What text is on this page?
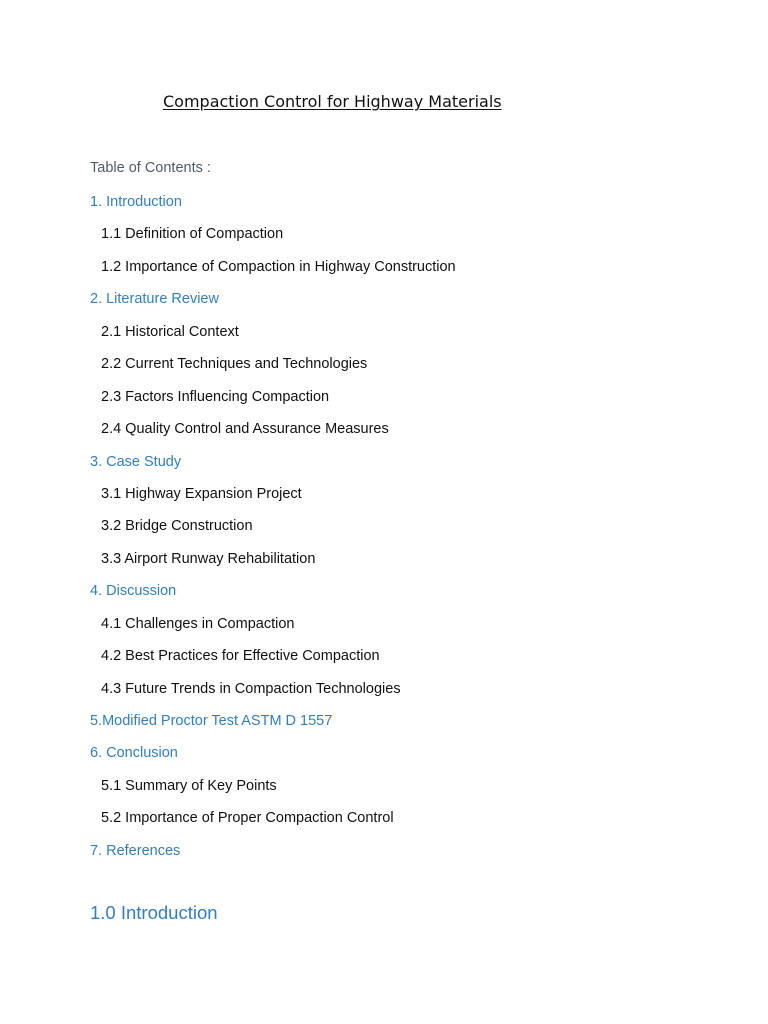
Compaction Control for Highway Materials
Table of Contents :
1. Introduction
1.1 Definition of Compaction
1.2 Importance of Compaction in Highway Construction
2. Literature Review
2.1 Historical Context
2.2 Current Techniques and Technologies
2.3 Factors Influencing Compaction
2.4 Quality Control and Assurance Measures
3. Case Study
3.1 Highway Expansion Project
3.2 Bridge Construction
3.3 Airport Runway Rehabilitation
4. Discussion
4.1 Challenges in Compaction
4.2 Best Practices for Effective Compaction
4.3 Future Trends in Compaction Technologies
5.Modified Proctor Test ASTM D 1557
6. Conclusion
5.1 Summary of Key Points
5.2 Importance of Proper Compaction Control
7. References
1.0 Introduction
